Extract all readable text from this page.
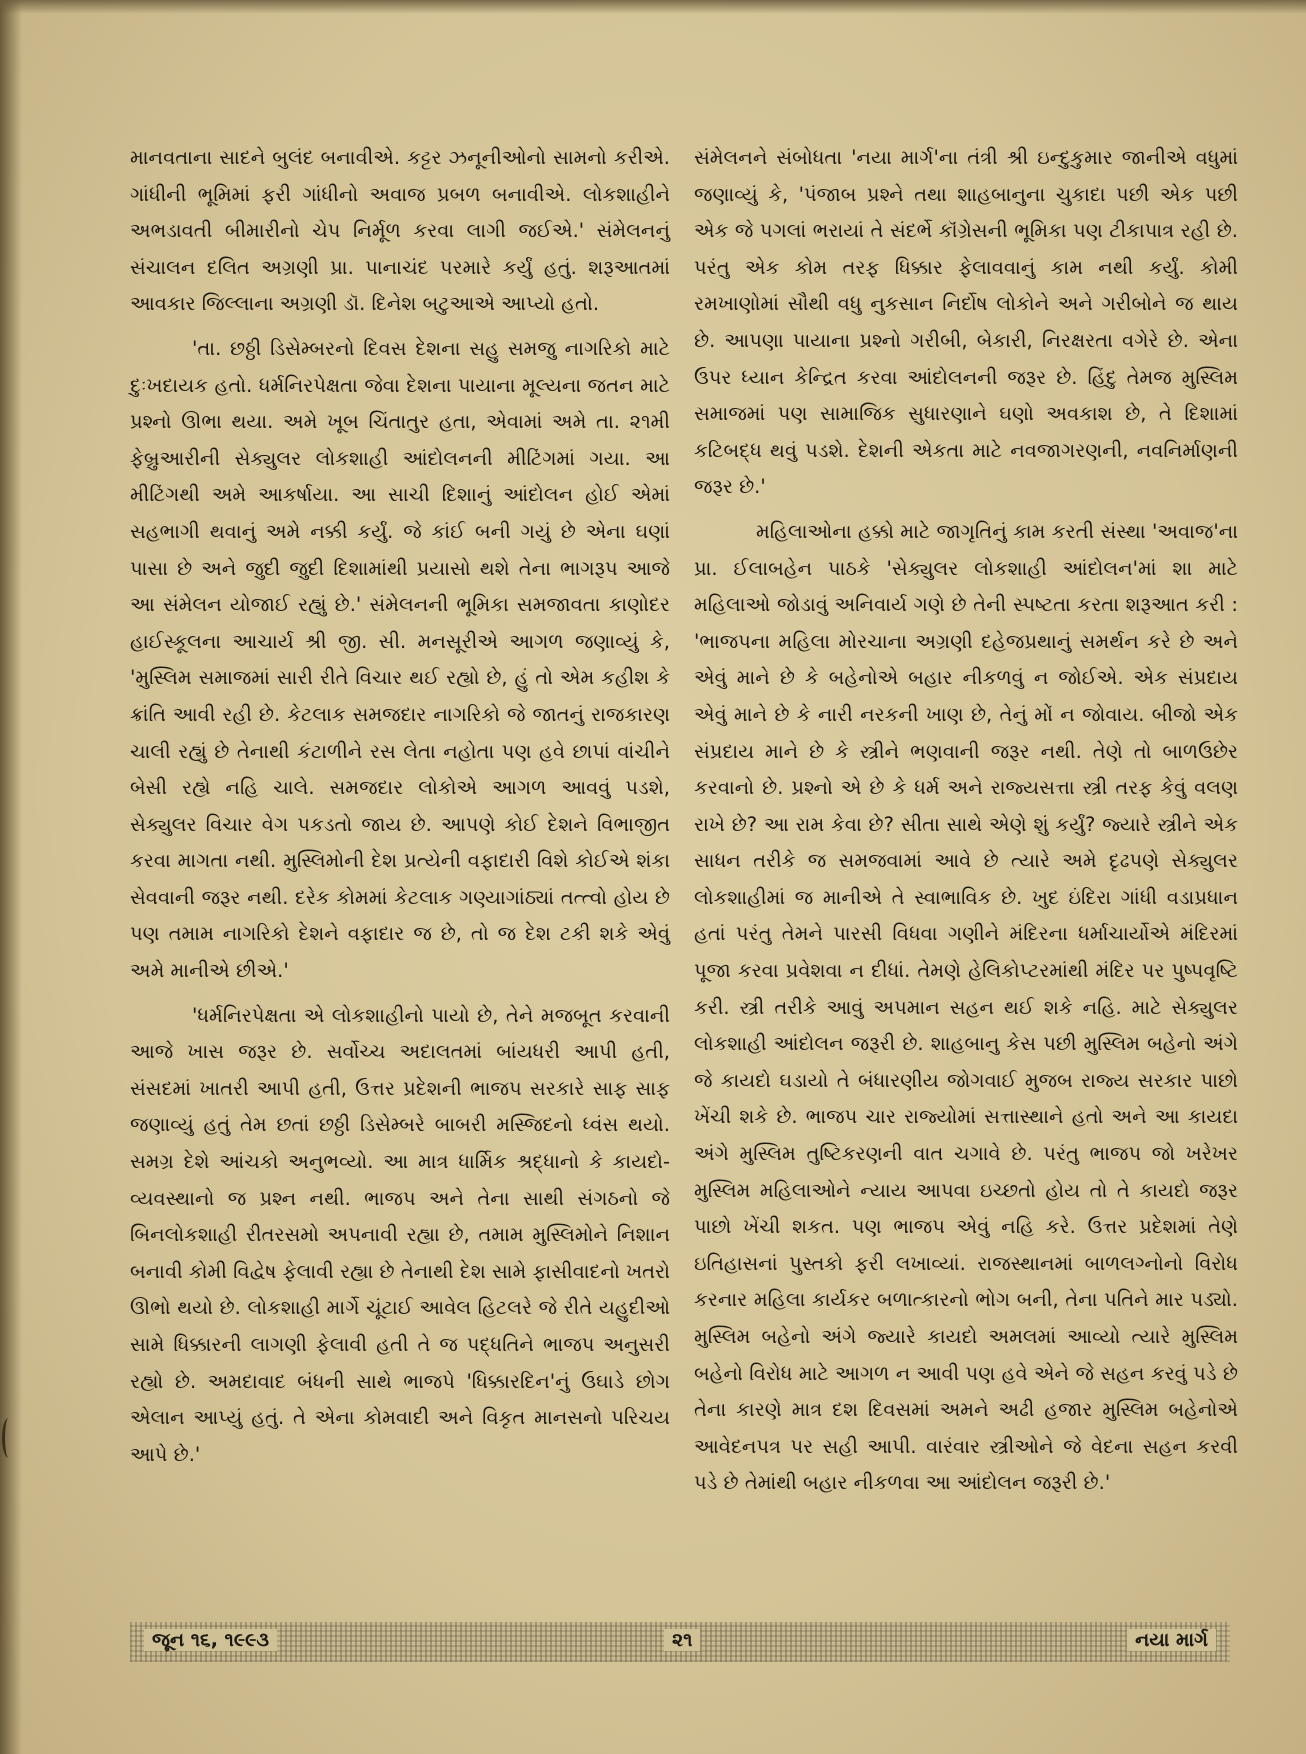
માનવતાના સાદને બુલંદ બનાવીએ. કટ્ટર ઝનૂનીઓનો સામનો કરીએ. ગાંધીની ભૂમિમાં ફરી ગાંધીનો અવાજ પ્રબળ બનાવીએ. લોકશાહીને અભડાવતી બીમારીનો ચેપ નિર્મૂળ કરવા લાગી જઈએ.' સંમેલનનું સંચાલન દલિત અગ્રણી પ્રા. પાનાચંદ પરમારે કર્યું હતું. શરૂઆતમાં આવકાર જિલ્લાના અગ્રણી ડૉ. દિનેશ બટુઆએ આપ્યો હતો.

'તા. છઠ્ઠી ડિસેમ્બરનો દિવસ દેશના સહુ સમજુ નાગરિકો માટે દુઃખદાયક હતો. ધર્મનિરપેક્ષતા જેવા દેશના પાયાના મૂલ્યના જતન માટે પ્રશ્નો ઊભા થયા. અમે ખૂબ ચિંતાતુર હતા, એવામાં અમે તા. ૨૧મી ફેબ્રુઆરીની સેક્યુલર લોકશાહી આંદોલનની મીટિંગમાં ગયા. આ મીટિંગથી અમે આકર્ષાયા. આ સાચી દિશાનું આંદોલન હોઈ એમાં સહભાગી થવાનું અમે નક્કી કર્યું. જે કાંઈ બની ગયું છે એના ઘણાં પાસા છે અને જુદી જુદી દિશામાંથી પ્રયાસો થશે તેના ભાગરૂપ આજે આ સંમેલન યોજાઈ રહ્યું છે.' સંમેલનની ભૂમિકા સમજાવતા કાણોદર હાઈસ્કૂલના આચાર્ય શ્રી જી. સી. મનસૂરીએ આગળ જણાવ્યું કે, 'મુસ્લિમ સમાજમાં સારી રીતે વિચાર થઈ રહ્યો છે, હું તો એમ કહીશ કે ક્રાંતિ આવી રહી છે. કેટલાક સમજદાર નાગરિકો જે જાતનું રાજકારણ ચાલી રહ્યું છે તેનાથી કંટાળીને રસ લેતા નહોતા પણ હવે છાપાં વાંચીને બેસી રહ્યે નહિ ચાલે. સમજદાર લોકોએ આગળ આવવું પડશે, સેક્યુલર વિચાર વેગ પકડતો જાય છે. આપણે કોઈ દેશને વિભાજીત કરવા માગતા નથી. મુસ્લિમોની દેશ પ્રત્યેની વફાદારી વિશે કોઈએ શંકા સેવવાની જરૂર નથી. દરેક કોમમાં કેટલાક ગણ્યાગાંઠ્યાં તત્ત્વો હોય છે પણ તમામ નાગરિકો દેશને વફાદાર જ છે, તો જ દેશ ટકી શકે એવું અમે માનીએ છીએ.'

'ધર્મનિરપેક્ષતા એ લોકશાહીનો પાયો છે, તેને મજબૂત કરવાની આજે ખાસ જરૂર છે. સર્વોચ્ચ અદાલતમાં બાંયધરી આપી હતી, સંસદમાં ખાતરી આપી હતી, ઉત્તર પ્રદેશની ભાજપ સરકારે સાફ સાફ જણાવ્યું હતું તેમ છતાં છઠ્ઠી ડિસેમ્બરે બાબરી મસ્જિદનો ધ્વંસ થયો. સમગ્ર દેશે આંચકો અનુભવ્યો. આ માત્ર ધાર્મિક શ્રદ્ધાનો કે કાયદો-વ્યવસ્થાનો જ પ્રશ્ન નથી. ભાજપ અને તેના સાથી સંગઠનો જે બિનલોકશાહી રીતરસમો અપનાવી રહ્યા છે, તમામ મુસ્લિમોને નિશાન બનાવી કોમી વિદ્વેષ ફેલાવી રહ્યા છે તેનાથી દેશ સામે ફાસીવાદનો ખતરો ઊભો થયો છે. લોકશાહી માર્ગે ચૂંટાઈ આવેલ હિટલરે જે રીતે યહુદીઓ સામે ધિક્કારની લાગણી ફેલાવી હતી તે જ પદ્ધતિને ભાજપ અનુસરી રહ્યો છે. અમદાવાદ બંધની સાથે ભાજપે 'ધિક્કારદિન'નું ઉઘાડે છોગ એલાન આપ્યું હતું. તે એના કોમવાદી અને વિકૃત માનસનો પરિચય આપે છે.'

સંમેલનને સંબોધતા 'નયા માર્ગ'ના તંત્રી શ્રી ઇન્દુકુમાર જાનીએ વધુમાં જણાવ્યું કે, 'પંજાબ પ્રશ્ને તથા શાહબાનુના ચુકાદા પછી એક પછી એક જે પગલાં ભરાયાં તે સંદર્ભે કૉંગ્રેસની ભૂમિકા પણ ટીકાપાત્ર રહી છે. પરંતુ એક કોમ તરફ ધિક્કાર ફેલાવવાનું કામ નથી કર્યું. કોમી રમખાણોમાં સૌથી વધુ નુકસાન નિર્દોષ લોકોને અને ગરીબોને જ થાય છે. આપણા પાયાના પ્રશ્નો ગરીબી, બેકારી, નિરક્ષરતા વગેરે છે. એના ઉપર ધ્યાન કેન્દ્રિત કરવા આંદોલનની જરૂર છે. હિંદુ તેમજ મુસ્લિમ સમાજમાં પણ સામાજિક સુધારણાને ઘણો અવકાશ છે, તે દિશામાં કટિબદ્ધ થવું પડશે. દેશની એકતા માટે નવજાગરણની, નવનિર્માણની જરૂર છે.'

મહિલાઓના હક્કો માટે જાગૃતિનું કામ કરતી સંસ્થા 'અવાજ'ના પ્રા. ઈલાબહેન પાઠકે 'સેક્યુલર લોકશાહી આંદોલન'માં શા માટે મહિલાઓ જોડાવું અનિવાર્ય ગણે છે તેની સ્પષ્ટતા કરતા શરૂઆત કરી : 'ભાજપના મહિલા મોરચાના અગ્રણી દહેજપ્રથાનું સમર્થન કરે છે અને એવું માને છે કે બહેનોએ બહાર નીકળવું ન જોઈએ. એક સંપ્રદાય એવું માને છે કે નારી નરકની ખાણ છે, તેનું મોં ન જોવાય. બીજો એક સંપ્રદાય માને છે કે સ્ત્રીને ભણવાની જરૂર નથી. તેણે તો બાળઉછેર કરવાનો છે. પ્રશ્નો એ છે કે ધર્મ અને રાજ્યસત્તા સ્ત્રી તરફ કેવું વલણ રાખે છે? આ રામ કેવા છે? સીતા સાથે એણે શું કર્યું? જ્યારે સ્ત્રીને એક સાધન તરીકે જ સમજવામાં આવે છે ત્યારે અમે દૃઢપણે સેક્યુલર લોકશાહીમાં જ માનીએ તે સ્વાભાવિક છે. ખુદ ઇંદિરા ગાંધી વડાપ્રધાન હતાં પરંતુ તેમને પારસી વિધવા ગણીને મંદિરના ધર્માચાર્યોએ મંદિરમાં પૂજા કરવા પ્રવેશવા ન દીધાં. તેમણે હેલિકોપ્ટરમાંથી મંદિર પર પુષ્પવૃષ્ટિ કરી. સ્ત્રી તરીકે આવું અપમાન સહન થઈ શકે નહિ. માટે સેક્યુલર લોકશાહી આંદોલન જરૂરી છે. શાહબાનુ કેસ પછી મુસ્લિમ બહેનો અંગે જે કાયદો ઘડાયો તે બંધારણીય જોગવાઈ મુજબ રાજ્ય સરકાર પાછો ખેંચી શકે છે. ભાજપ ચાર રાજ્યોમાં સત્તાસ્થાને હતો અને આ કાયદા અંગે મુસ્લિમ તુષ્ટિકરણની વાત ચગાવે છે. પરંતુ ભાજપ જો ખરેખર મુસ્લિમ મહિલાઓને ન્યાય આપવા ઇચ્છતો હોય તો તે કાયદો જરૂર પાછો ખેંચી શકત. પણ ભાજપ એવું નહિ કરે. ઉત્તર પ્રદેશમાં તેણે ઇતિહાસનાં પુસ્તકો ફરી લખાવ્યાં. રાજસ્થાનમાં બાળલગ્નોનો વિરોધ કરનાર મહિલા કાર્યકર બળાત્કારનો ભોગ બની, તેના પતિને માર પડ્યો. મુસ્લિમ બહેનો અંગે જ્યારે કાયદો અમલમાં આવ્યો ત્યારે મુસ્લિમ બહેનો વિરોધ માટે આગળ ન આવી પણ હવે એને જે સહન કરવું પડે છે તેના કારણે માત્ર દશ દિવસમાં અમને અઢી હજાર મુસ્લિમ બહેનોએ આવેદનપત્ર પર સહી આપી. વારંવાર સ્ત્રીઓને જે વેદના સહન કરવી પડે છે તેમાંથી બહાર નીકળવા આ આંદોલન જરૂરી છે.'

જૂન ૧૬, ૧૯૯૩	૨૧	નયા માર્ગ
